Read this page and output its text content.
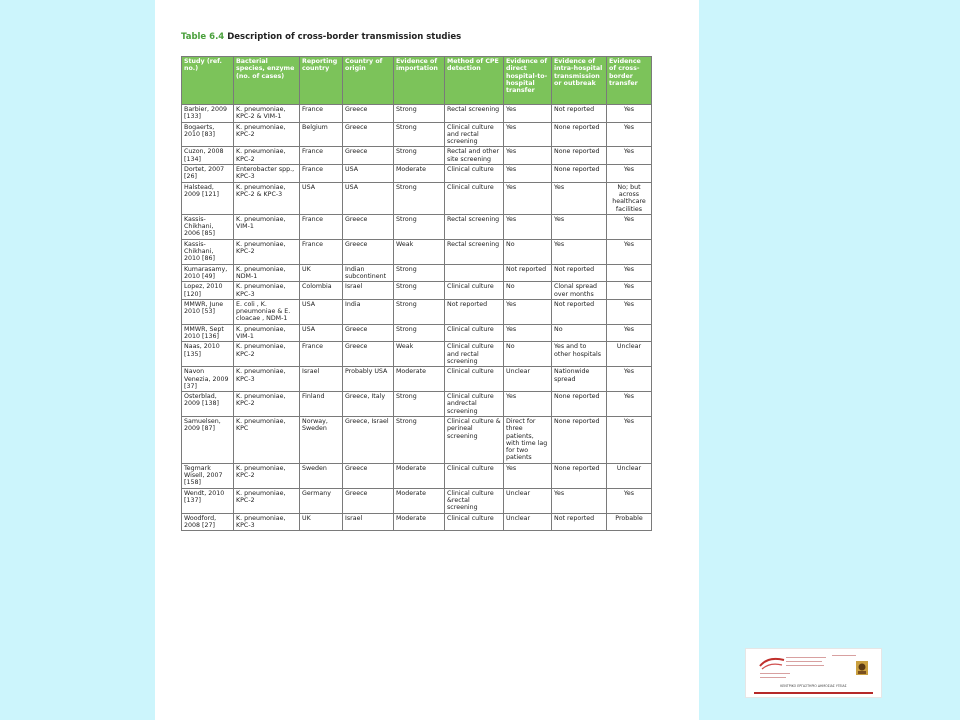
Table 6.4 Description of cross-border transmission studies
Study (ref. no.)	Bacterial species, enzyme (no. of cases)	Reporting country	Country of origin	Evidence of importation	Method of CPE detection	Evidence of direct hospital-to-hospital transfer	Evidence of intra-hospital transmission or outbreak	Evidence of cross-border transfer
Barbier, 2009 [133]	K. pneumoniae, KPC-2 & VIM-1	France	Greece	Strong	Rectal screening	Yes	Not reported	Yes
Bogaerts, 2010 [83]	K. pneumoniae, KPC-2	Belgium	Greece	Strong	Clinical culture and rectal screening	Yes	None reported	Yes
Cuzon, 2008 [134]	K. pneumoniae, KPC-2	France	Greece	Strong	Rectal and other site screening	Yes	None reported	Yes
Dortet, 2007 [26]	Enterobacter spp., KPC-3	France	USA	Moderate	Clinical culture	Yes	None reported	Yes
Halstead, 2009 [121]	K. pneumoniae, KPC-2 & KPC-3	USA	USA	Strong	Clinical culture	Yes	Yes	No; but across healthcare facilities
Kassis-Chikhani, 2006 [85]	K. pneumoniae, VIM-1	France	Greece	Strong	Rectal screening	Yes	Yes	Yes
Kassis-Chikhani, 2010 [86]	K. pneumoniae, KPC-2	France	Greece	Weak	Rectal screening	No	Yes	Yes
Kumarasamy, 2010 [49]	K. pneumoniae, NDM-1	UK	Indian subcontinent	Strong		Not reported	Not reported	Yes
Lopez, 2010 [120]	K. pneumoniae, KPC-3	Colombia	Israel	Strong	Clinical culture	No	Clonal spread over months	Yes
MMWR, June 2010 [53]	E. coli , K. pneumoniae & E. cloacae , NDM-1	USA	India	Strong	Not reported	Yes	Not reported	Yes
MMWR, Sept 2010 [136]	K. pneumoniae, VIM-1	USA	Greece	Strong	Clinical culture	Yes	No	Yes
Naas, 2010 [135]	K. pneumoniae, KPC-2	France	Greece	Weak	Clinical culture and rectal screening	No	Yes and to other hospitals	Unclear
Navon Venezia, 2009 [37]	K. pneumoniae, KPC-3	Israel	Probably USA	Moderate	Clinical culture	Unclear	Nationwide spread	Yes
Osterblad, 2009 [138]	K. pneumoniae, KPC-2	Finland	Greece, Italy	Strong	Clinical culture andrectal screening	Yes	None reported	Yes
Samuelsen, 2009 [87]	K. pneumoniae, KPC	Norway, Sweden	Greece, Israel	Strong	Clinical culture & perineal screening	Direct for three patients, with time lag for two patients	None reported	Yes
Tegmark Wisell, 2007 [158]	K. pneumoniae, KPC-2	Sweden	Greece	Moderate	Clinical culture	Yes	None reported	Unclear
Wendt, 2010 [137]	K. pneumoniae, KPC-2	Germany	Greece	Moderate	Clinical culture &rectal screening	Unclear	Yes	Yes
Woodford, 2008 [27]	K. pneumoniae, KPC-3	UK	Israel	Moderate	Clinical culture	Unclear	Not reported	Probable
ΚΕΝΤΡΙΚΟ ΕΡΓΑΣΤΗΡΙΟ ΔΗΜΟΣΙΑΣ ΥΓΕΙΑΣ
